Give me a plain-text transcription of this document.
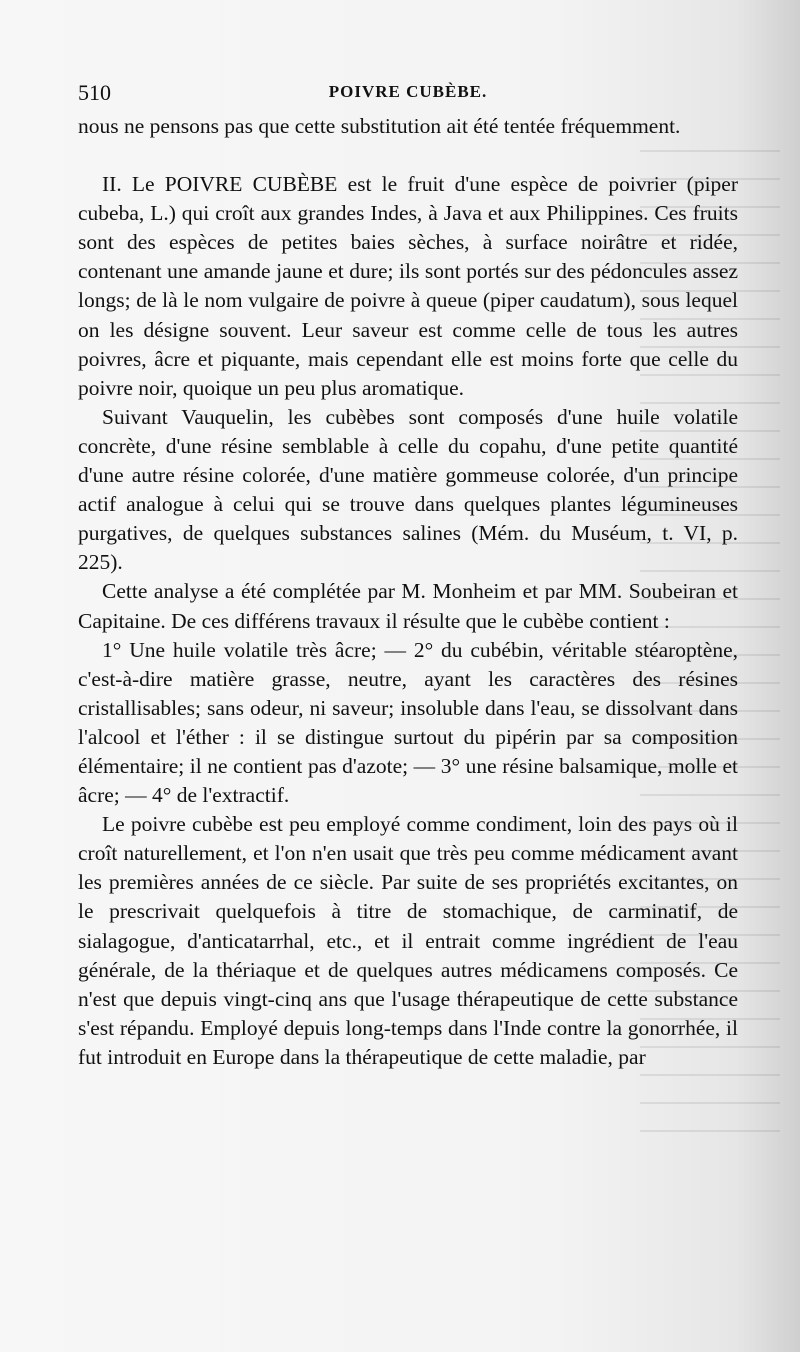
510	POIVRE CUBÈBE.

nous ne pensons pas que cette substitution ait été tentée fréquemment.

II. Le POIVRE CUBÈBE est le fruit d'une espèce de poivrier (piper cubeba, L.) qui croît aux grandes Indes, à Java et aux Philippines. Ces fruits sont des espèces de petites baies sèches, à surface noirâtre et ridée, contenant une amande jaune et dure; ils sont portés sur des pédoncules assez longs; de là le nom vulgaire de poivre à queue (piper caudatum), sous lequel on les désigne souvent. Leur saveur est comme celle de tous les autres poivres, âcre et piquante, mais cependant elle est moins forte que celle du poivre noir, quoique un peu plus aromatique.

Suivant Vauquelin, les cubèbes sont composés d'une huile volatile concrète, d'une résine semblable à celle du copahu, d'une petite quantité d'une autre résine colorée, d'une matière gommeuse colorée, d'un principe actif analogue à celui qui se trouve dans quelques plantes légumineuses purgatives, de quelques substances salines (Mém. du Muséum, t. VI, p. 225).

Cette analyse a été complétée par M. Monheim et par MM. Soubeiran et Capitaine. De ces différens travaux il résulte que le cubèbe contient :

1° Une huile volatile très âcre; — 2° du cubébin, véritable stéaroptène, c'est-à-dire matière grasse, neutre, ayant les caractères des résines cristallisables; sans odeur, ni saveur; insoluble dans l'eau, se dissolvant dans l'alcool et l'éther : il se distingue surtout du pipérin par sa composition élémentaire; il ne contient pas d'azote; — 3° une résine balsamique, molle et âcre; — 4° de l'extractif.

Le poivre cubèbe est peu employé comme condiment, loin des pays où il croît naturellement, et l'on n'en usait que très peu comme médicament avant les premières années de ce siècle. Par suite de ses propriétés excitantes, on le prescrivait quelquefois à titre de stomachique, de carminatif, de sialagogue, d'anticatarrhal, etc., et il entrait comme ingrédient de l'eau générale, de la thériaque et de quelques autres médicamens composés. Ce n'est que depuis vingt-cinq ans que l'usage thérapeutique de cette substance s'est répandu. Employé depuis long-temps dans l'Inde contre la gonorrhée, il fut introduit en Europe dans la thérapeutique de cette maladie, par
